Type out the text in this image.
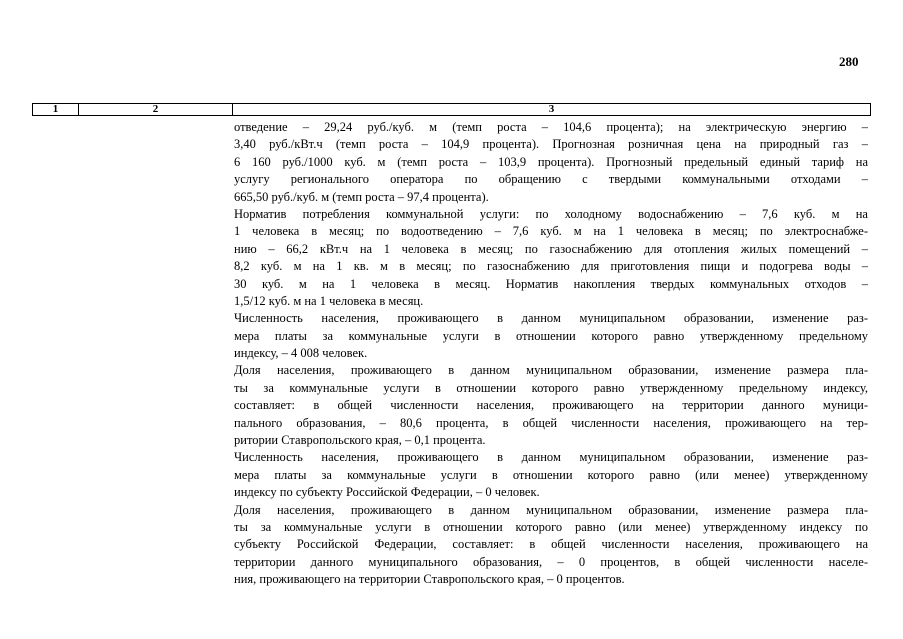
280
1	2	3
отведение – 29,24 руб./куб. м (темп роста – 104,6 процента); на электрическую энергию –
3,40 руб./кВт.ч (темп роста – 104,9 процента). Прогнозная розничная цена на природный газ –
6 160 руб./1000 куб. м (темп роста – 103,9 процента). Прогнозный предельный единый тариф на
услугу регионального оператора по обращению с твердыми коммунальными отходами –
665,50 руб./куб. м (темп роста – 97,4 процента).
Норматив потребления коммунальной услуги: по холодному водоснабжению – 7,6 куб. м на
1 человека в месяц; по водоотведению – 7,6 куб. м на 1 человека в месяц; по электроснабже-
нию – 66,2 кВт.ч на 1 человека в месяц; по газоснабжению для отопления жилых помещений –
8,2 куб. м на 1 кв. м в месяц; по газоснабжению для приготовления пищи и подогрева воды –
30 куб. м на 1 человека в месяц. Норматив накопления твердых коммунальных отходов –
1,5/12 куб. м на 1 человека в месяц.
Численность населения, проживающего в данном муниципальном образовании, изменение раз-
мера платы за коммунальные услуги в отношении которого равно утвержденному предельному
индексу, – 4 008 человек.
Доля населения, проживающего в данном муниципальном образовании, изменение размера пла-
ты за коммунальные услуги в отношении которого равно утвержденному предельному индексу,
составляет: в общей численности населения, проживающего на территории данного муници-
пального образования, – 80,6 процента, в общей численности населения, проживающего на тер-
ритории Ставропольского края, – 0,1 процента.
Численность населения, проживающего в данном муниципальном образовании, изменение раз-
мера платы за коммунальные услуги в отношении которого равно (или менее) утвержденному
индексу по субъекту Российской Федерации, – 0 человек.
Доля населения, проживающего в данном муниципальном образовании, изменение размера пла-
ты за коммунальные услуги в отношении которого равно (или менее) утвержденному индексу по
субъекту Российской Федерации, составляет: в общей численности населения, проживающего на
территории данного муниципального образования, – 0 процентов, в общей численности населе-
ния, проживающего на территории Ставропольского края, – 0 процентов.
